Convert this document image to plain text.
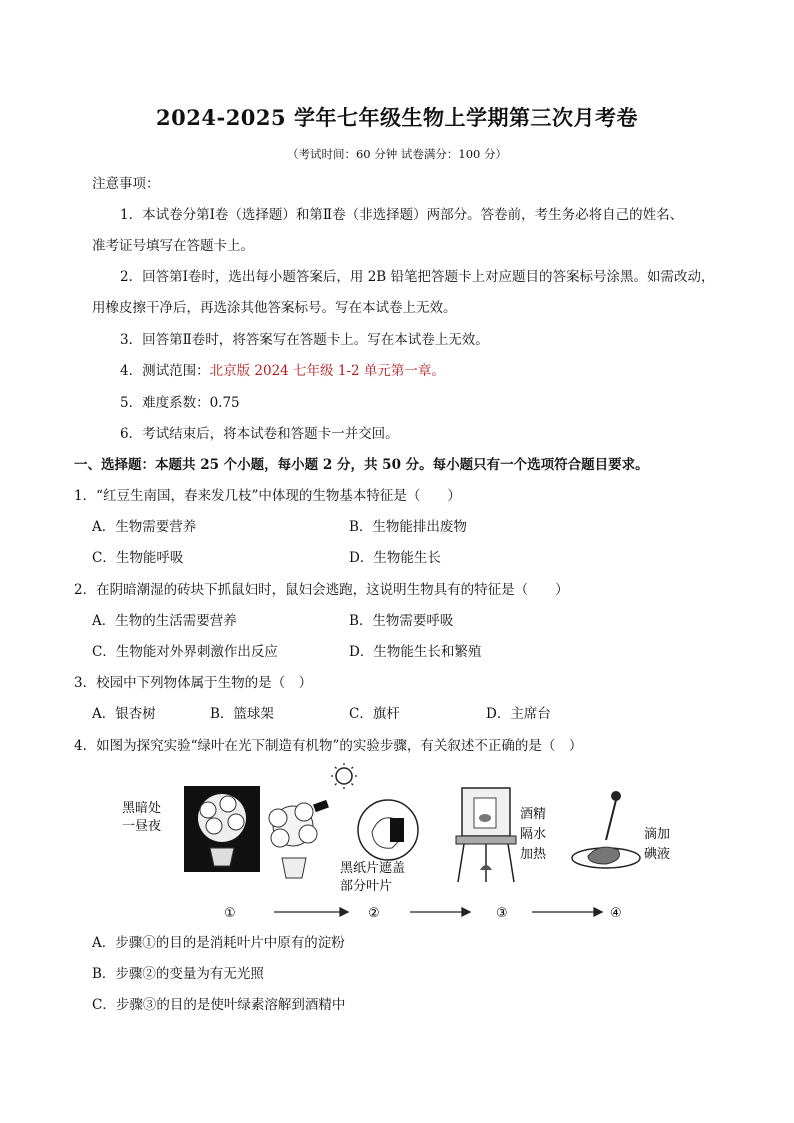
2024-2025 学年七年级生物上学期第三次月考卷
（考试时间：60 分钟 试卷满分：100 分）
注意事项：
1．本试卷分第Ⅰ卷（选择题）和第Ⅱ卷（非选择题）两部分。答卷前，考生务必将自己的姓名、
准考证号填写在答题卡上。
2．回答第Ⅰ卷时，选出每小题答案后，用 2B 铅笔把答题卡上对应题目的答案标号涂黑。如需改动，
用橡皮擦干净后，再选涂其他答案标号。写在本试卷上无效。
3．回答第Ⅱ卷时，将答案写在答题卡上。写在本试卷上无效。
4．测试范围：北京版 2024 七年级 1-2 单元第一章。
5．难度系数：0.75
6．考试结束后，将本试卷和答题卡一并交回。
一、选择题：本题共 25 个小题，每小题 2 分，共 50 分。每小题只有一个选项符合题目要求。
1．“红豆生南国，春来发几枝”中体现的生物基本特征是（　　）
A．生物需要营养	B．生物能排出废物
C．生物能呼吸	D．生物能生长
2．在阴暗潮湿的砖块下抓鼠妇时，鼠妇会逃跑，这说明生物具有的特征是（　　）
A．生物的生活需要营养	B．生物需要呼吸
C．生物能对外界刺激作出反应	D．生物能生长和繁殖
3．校园中下列物体属于生物的是（　）
A．银杏树	B．篮球架	C．旗杆	D．主席台
4．如图为探究实验“绿叶在光下制造有机物”的实验步骤，有关叙述不正确的是（　）
黑暗处
一昼夜
黑纸片遮盖
部分叶片
酒精
隔水
加热
滴加
碘液
①	②	③	④
A．步骤①的目的是消耗叶片中原有的淀粉
B．步骤②的变量为有无光照
C．步骤③的目的是使叶绿素溶解到酒精中
